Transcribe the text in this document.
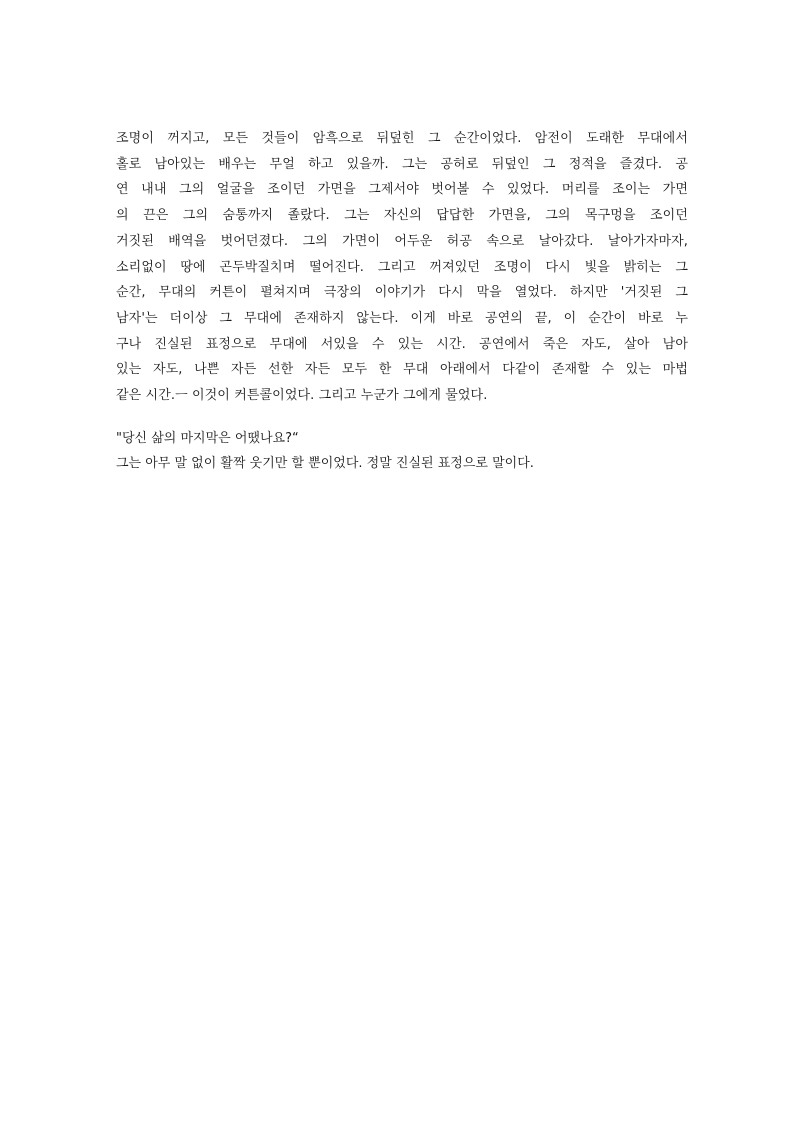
조명이 꺼지고, 모든 것들이 암흑으로 뒤덮힌 그 순간이었다. 암전이 도래한 무대에서
홀로 남아있는 배우는 무얼 하고 있을까. 그는 공허로 뒤덮인 그 정적을 즐겼다. 공
연 내내 그의 얼굴을 조이던 가면을 그제서야 벗어볼 수 있었다. 머리를 조이는 가면
의 끈은 그의 숨통까지 졸랐다. 그는 자신의 답답한 가면을, 그의 목구멍을 조이던
거짓된 배역을 벗어던졌다. 그의 가면이 어두운 허공 속으로 날아갔다. 날아가자마자,
소리없이 땅에 곤두박질치며 떨어진다. 그리고 꺼져있던 조명이 다시 빛을 밝히는 그
순간, 무대의 커튼이 펼쳐지며 극장의 이야기가 다시 막을 열었다. 하지만 '거짓된 그
남자'는 더이상 그 무대에 존재하지 않는다. 이게 바로 공연의 끝, 이 순간이 바로 누
구나 진실된 표정으로 무대에 서있을 수 있는 시간. 공연에서 죽은 자도, 살아 남아
있는 자도, 나쁜 자든 선한 자든 모두 한 무대 아래에서 다같이 존재할 수 있는 마법
같은 시간.ㅡ 이것이 커튼콜이었다. 그리고 누군가 그에게 물었다.

"당신 삶의 마지막은 어땠나요?“

그는 아무 말 없이 활짝 웃기만 할 뿐이었다. 정말 진실된 표정으로 말이다.
